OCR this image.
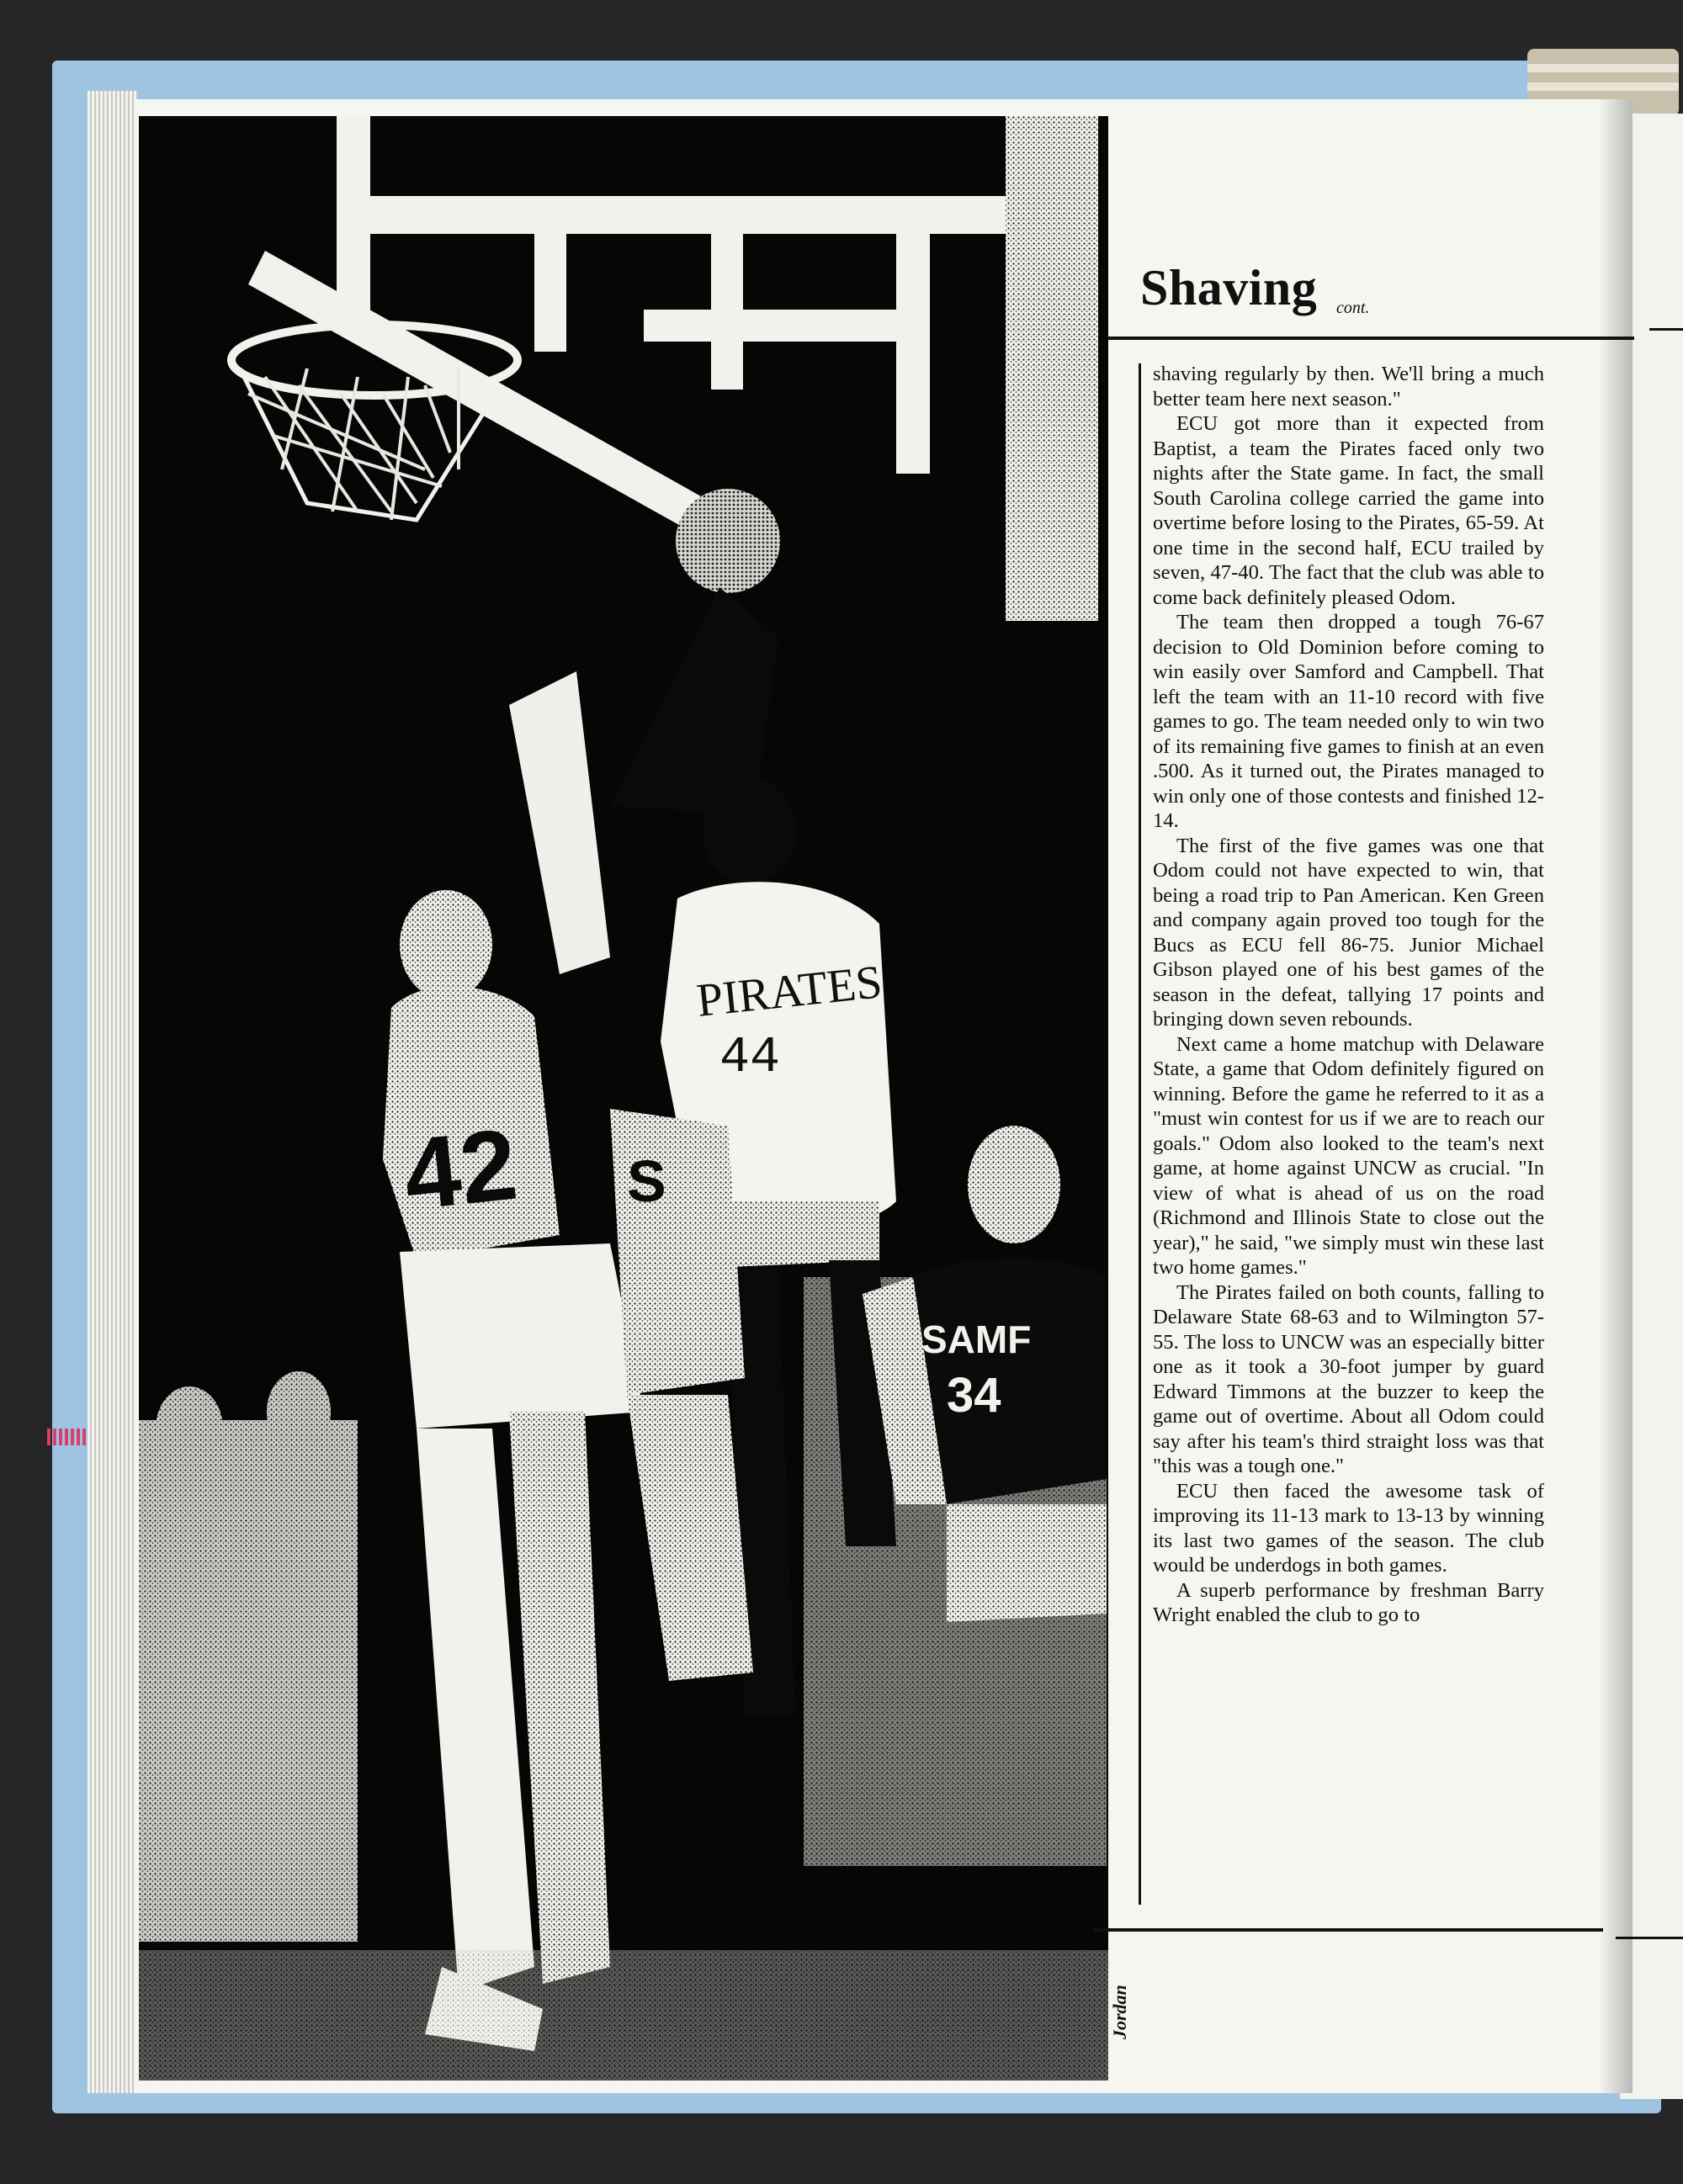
PIRATES
44
42 S
SAMF
34
Shaving cont.

shaving regularly by then. We'll bring a much better team here next season."

ECU got more than it expected from Baptist, a team the Pirates faced only two nights after the State game. In fact, the small South Carolina college carried the game into overtime before losing to the Pirates, 65-59. At one time in the second half, ECU trailed by seven, 47-40. The fact that the club was able to come back definitely pleased Odom.

The team then dropped a tough 76-67 decision to Old Dominion before coming to win easily over Samford and Campbell. That left the team with an 11-10 record with five games to go. The team needed only to win two of its remaining five games to finish at an even .500. As it turned out, the Pirates managed to win only one of those contests and finished 12-14.

The first of the five games was one that Odom could not have expected to win, that being a road trip to Pan American. Ken Green and company again proved too tough for the Bucs as ECU fell 86-75. Junior Michael Gibson played one of his best games of the season in the defeat, tallying 17 points and bringing down seven rebounds.

Next came a home matchup with Delaware State, a game that Odom definitely figured on winning. Before the game he referred to it as a "must win contest for us if we are to reach our goals." Odom also looked to the team's next game, at home against UNCW as crucial. "In view of what is ahead of us on the road (Richmond and Illinois State to close out the year)," he said, "we simply must win these last two home games."

The Pirates failed on both counts, falling to Delaware State 68-63 and to Wilmington 57-55. The loss to UNCW was an especially bitter one as it took a 30-foot jumper by guard Edward Timmons at the buzzer to keep the game out of overtime. About all Odom could say after his team's third straight loss was that "this was a tough one."

ECU then faced the awesome task of improving its 11-13 mark to 13-13 by winning its last two games of the season. The club would be underdogs in both games.

A superb performance by freshman Barry Wright enabled the club to go to

Jordan
